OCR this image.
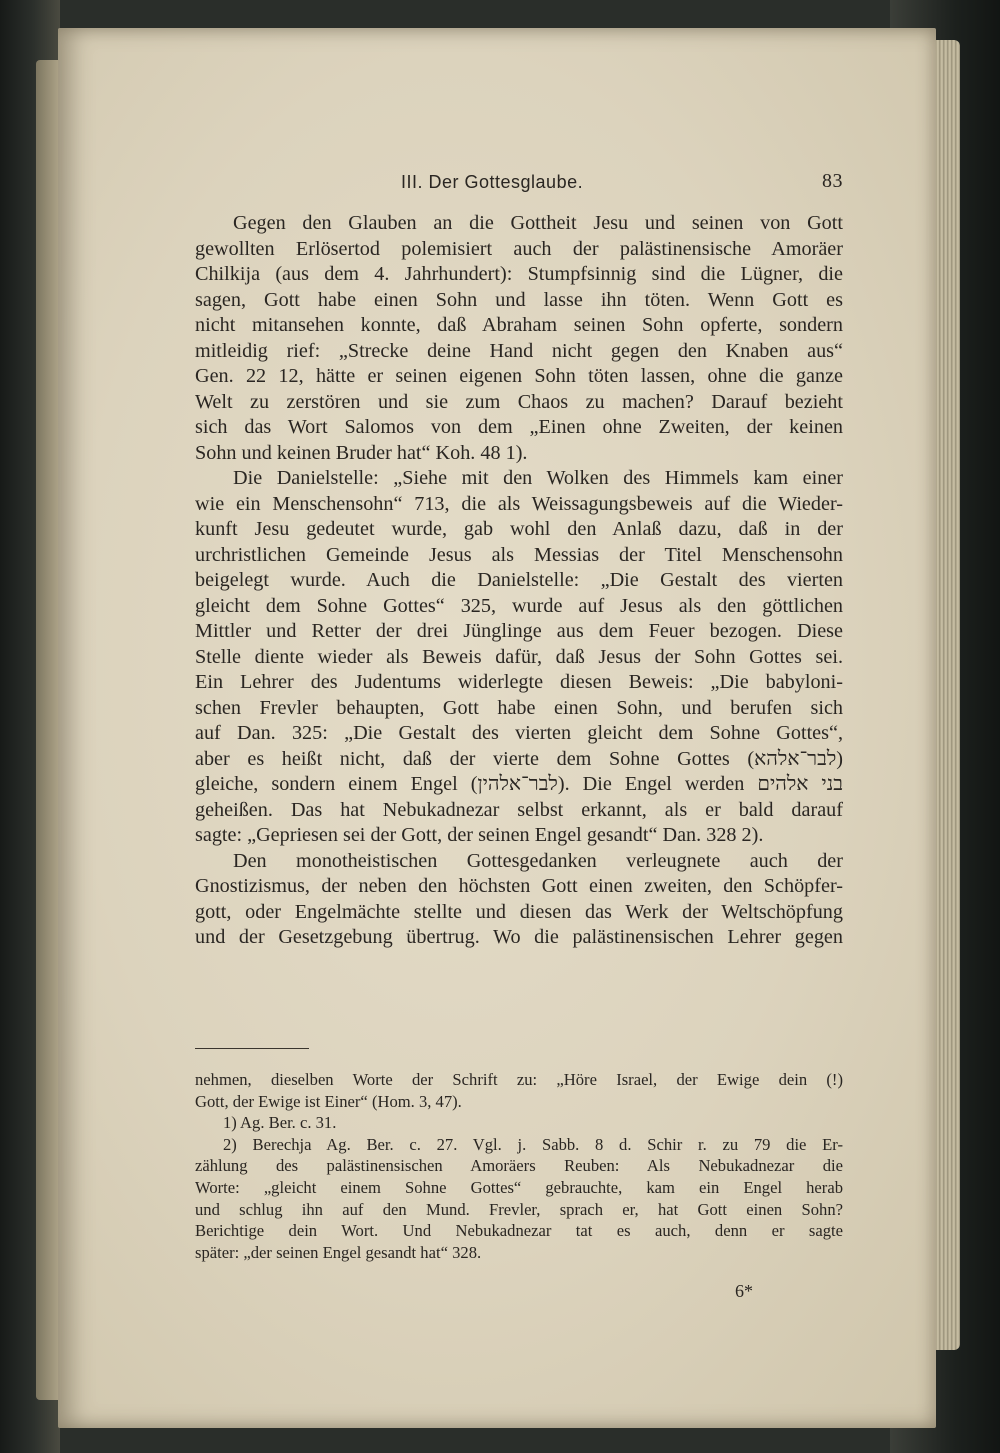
III. Der Gottesglaube.	83
Gegen den Glauben an die Gottheit Jesu und seinen von Gott
gewollten Erlösertod polemisiert auch der palästinensische Amoräer
Chilkija (aus dem 4. Jahrhundert): Stumpfsinnig sind die Lügner, die
sagen, Gott habe einen Sohn und lasse ihn töten. Wenn Gott es
nicht mitansehen konnte, daß Abraham seinen Sohn opferte, sondern
mitleidig rief: „Strecke deine Hand nicht gegen den Knaben aus“
Gen. 22 12, hätte er seinen eigenen Sohn töten lassen, ohne die ganze
Welt zu zerstören und sie zum Chaos zu machen? Darauf bezieht
sich das Wort Salomos von dem „Einen ohne Zweiten, der keinen
Sohn und keinen Bruder hat“ Koh. 48 1).
Die Danielstelle: „Siehe mit den Wolken des Himmels kam einer
wie ein Menschensohn“ 713, die als Weissagungsbeweis auf die Wieder-
kunft Jesu gedeutet wurde, gab wohl den Anlaß dazu, daß in der
urchristlichen Gemeinde Jesus als Messias der Titel Menschensohn
beigelegt wurde. Auch die Danielstelle: „Die Gestalt des vierten
gleicht dem Sohne Gottes“ 325, wurde auf Jesus als den göttlichen
Mittler und Retter der drei Jünglinge aus dem Feuer bezogen. Diese
Stelle diente wieder als Beweis dafür, daß Jesus der Sohn Gottes sei.
Ein Lehrer des Judentums widerlegte diesen Beweis: „Die babyloni-
schen Frevler behaupten, Gott habe einen Sohn, und berufen sich
auf Dan. 325: „Die Gestalt des vierten gleicht dem Sohne Gottes“,
aber es heißt nicht, daß der vierte dem Sohne Gottes (לבר־אלהא)
gleiche, sondern einem Engel (לבר־אלהין). Die Engel werden בני אלהים
geheißen. Das hat Nebukadnezar selbst erkannt, als er bald darauf
sagte: „Gepriesen sei der Gott, der seinen Engel gesandt“ Dan. 328 2).
Den monotheistischen Gottesgedanken verleugnete auch der
Gnostizismus, der neben den höchsten Gott einen zweiten, den Schöpfer-
gott, oder Engelmächte stellte und diesen das Werk der Weltschöpfung
und der Gesetzgebung übertrug. Wo die palästinensischen Lehrer gegen
nehmen, dieselben Worte der Schrift zu: „Höre Israel, der Ewige dein (!)
Gott, der Ewige ist Einer“ (Hom. 3, 47).
1) Ag. Ber. c. 31.
2) Berechja Ag. Ber. c. 27. Vgl. j. Sabb. 8 d. Schir r. zu 79 die Er-
zählung des palästinensischen Amoräers Reuben: Als Nebukadnezar die
Worte: „gleicht einem Sohne Gottes“ gebrauchte, kam ein Engel herab
und schlug ihn auf den Mund. Frevler, sprach er, hat Gott einen Sohn?
Berichtige dein Wort. Und Nebukadnezar tat es auch, denn er sagte
später: „der seinen Engel gesandt hat“ 328.
6*
